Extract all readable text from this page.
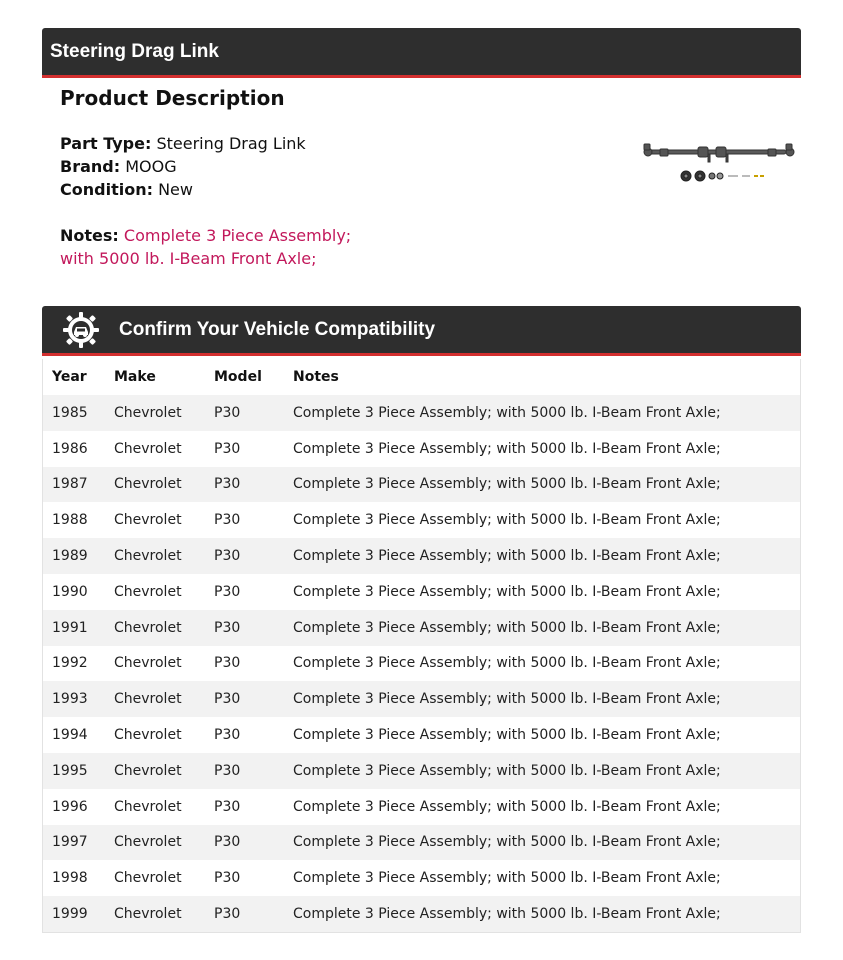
Steering Drag Link
Product Description
Part Type: Steering Drag Link
Brand: MOOG
Condition: New
Notes: Complete 3 Piece Assembly; with 5000 lb. I-Beam Front Axle;
Confirm Your Vehicle Compatibility
Year	Make	Model	Notes
1985	Chevrolet	P30	Complete 3 Piece Assembly; with 5000 lb. I-Beam Front Axle;
1986	Chevrolet	P30	Complete 3 Piece Assembly; with 5000 lb. I-Beam Front Axle;
1987	Chevrolet	P30	Complete 3 Piece Assembly; with 5000 lb. I-Beam Front Axle;
1988	Chevrolet	P30	Complete 3 Piece Assembly; with 5000 lb. I-Beam Front Axle;
1989	Chevrolet	P30	Complete 3 Piece Assembly; with 5000 lb. I-Beam Front Axle;
1990	Chevrolet	P30	Complete 3 Piece Assembly; with 5000 lb. I-Beam Front Axle;
1991	Chevrolet	P30	Complete 3 Piece Assembly; with 5000 lb. I-Beam Front Axle;
1992	Chevrolet	P30	Complete 3 Piece Assembly; with 5000 lb. I-Beam Front Axle;
1993	Chevrolet	P30	Complete 3 Piece Assembly; with 5000 lb. I-Beam Front Axle;
1994	Chevrolet	P30	Complete 3 Piece Assembly; with 5000 lb. I-Beam Front Axle;
1995	Chevrolet	P30	Complete 3 Piece Assembly; with 5000 lb. I-Beam Front Axle;
1996	Chevrolet	P30	Complete 3 Piece Assembly; with 5000 lb. I-Beam Front Axle;
1997	Chevrolet	P30	Complete 3 Piece Assembly; with 5000 lb. I-Beam Front Axle;
1998	Chevrolet	P30	Complete 3 Piece Assembly; with 5000 lb. I-Beam Front Axle;
1999	Chevrolet	P30	Complete 3 Piece Assembly; with 5000 lb. I-Beam Front Axle;
